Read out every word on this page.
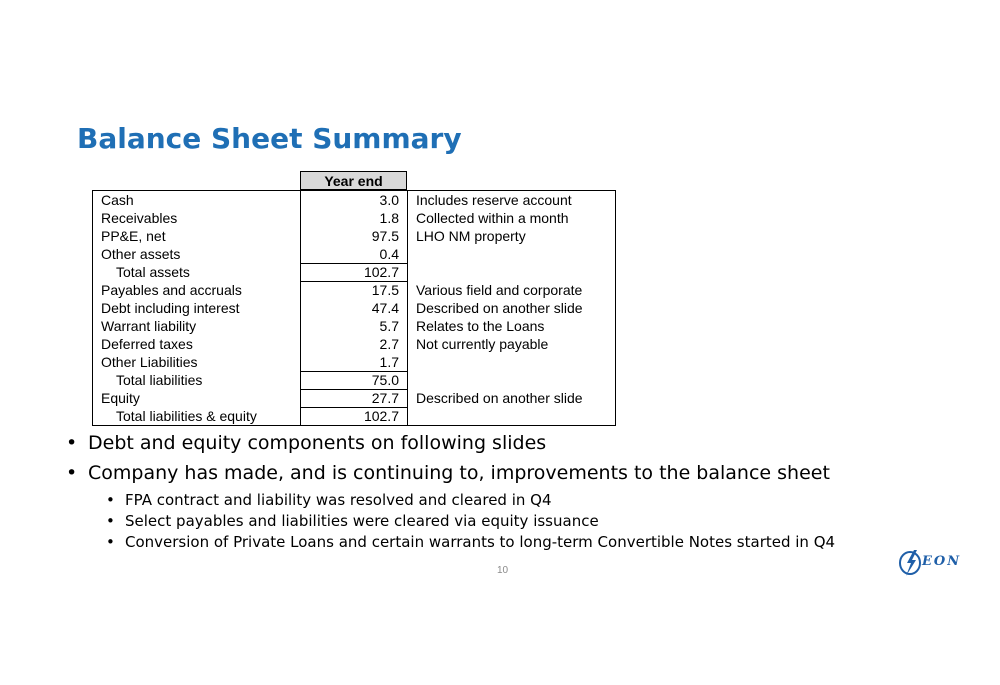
Balance Sheet Summary
Year end
Cash	3.0 Includes reserve account
Receivables	1.8 Collected within a month
PP&E, net	97.5 LHO NM property
Other assets	0.4
Total assets	102.7
Payables and accruals	17.5 Various field and corporate
Debt including interest	47.4 Described on another slide
Warrant liability	5.7 Relates to the Loans
Deferred taxes	2.7 Not currently payable
Other Liabilities	1.7
Total liabilities	75.0
Equity	27.7 Described on another slide
Total liabilities & equity	102.7
• Debt and equity components on following slides
• Company has made, and is continuing to, improvements to the balance sheet
• FPA contract and liability was resolved and cleared in Q4
• Select payables and liabilities were cleared via equity issuance
• Conversion of Private Loans and certain warrants to long-term Convertible Notes started in Q4
10
EON
